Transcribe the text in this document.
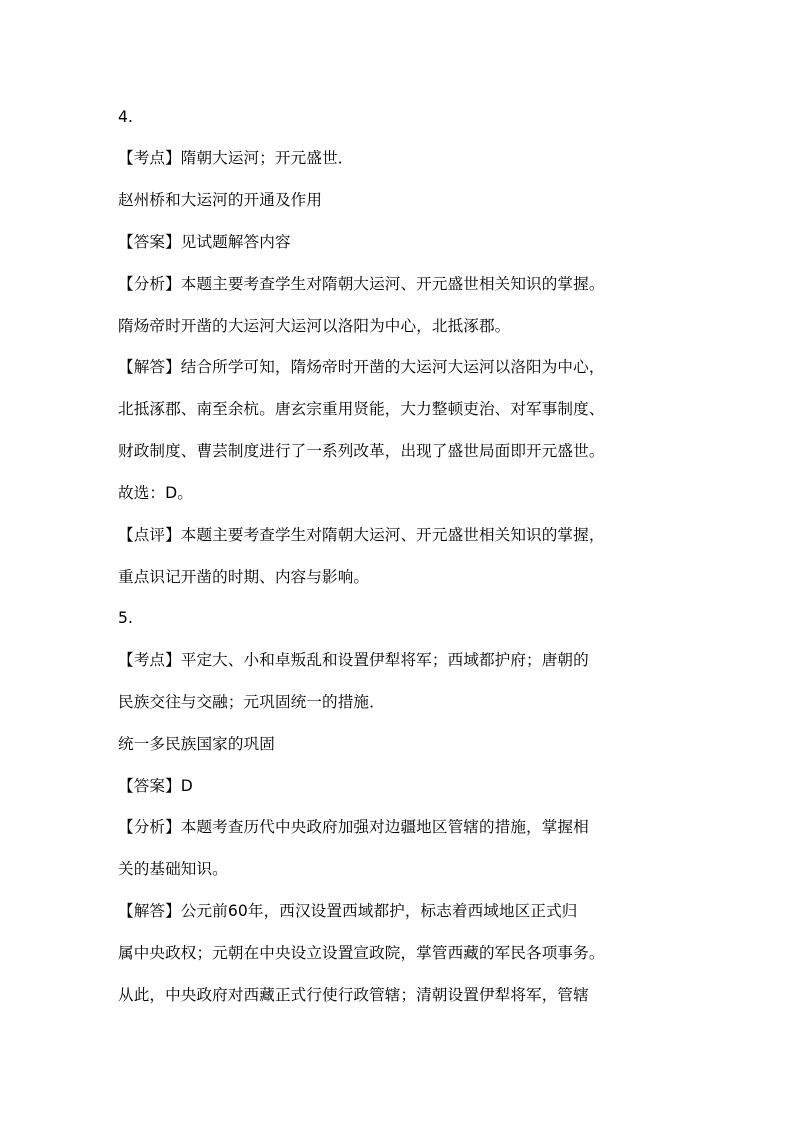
4.
【考点】隋朝大运河；开元盛世．
赵州桥和大运河的开通及作用
【答案】见试题解答内容
【分析】本题主要考查学生对隋朝大运河、开元盛世相关知识的掌握。
隋炀帝时开凿的大运河大运河以洛阳为中心，北抵涿郡。
【解答】结合所学可知，隋炀帝时开凿的大运河大运河以洛阳为中心，
北抵涿郡、南至余杭。唐玄宗重用贤能，大力整顿吏治、对军事制度、
财政制度、曹芸制度进行了一系列改革，出现了盛世局面即开元盛世。
故选：D。
【点评】本题主要考查学生对隋朝大运河、开元盛世相关知识的掌握，
重点识记开凿的时期、内容与影响。
5.
【考点】平定大、小和卓叛乱和设置伊犁将军；西域都护府；唐朝的
民族交往与交融；元巩固统一的措施．
统一多民族国家的巩固
【答案】D
【分析】本题考查历代中央政府加强对边疆地区管辖的措施，掌握相
关的基础知识。
【解答】公元前60年，西汉设置西域都护，标志着西域地区正式归
属中央政权；元朝在中央设立设置宣政院，掌管西藏的军民各项事务。
从此，中央政府对西藏正式行使行政管辖；清朝设置伊犁将军，管辖
